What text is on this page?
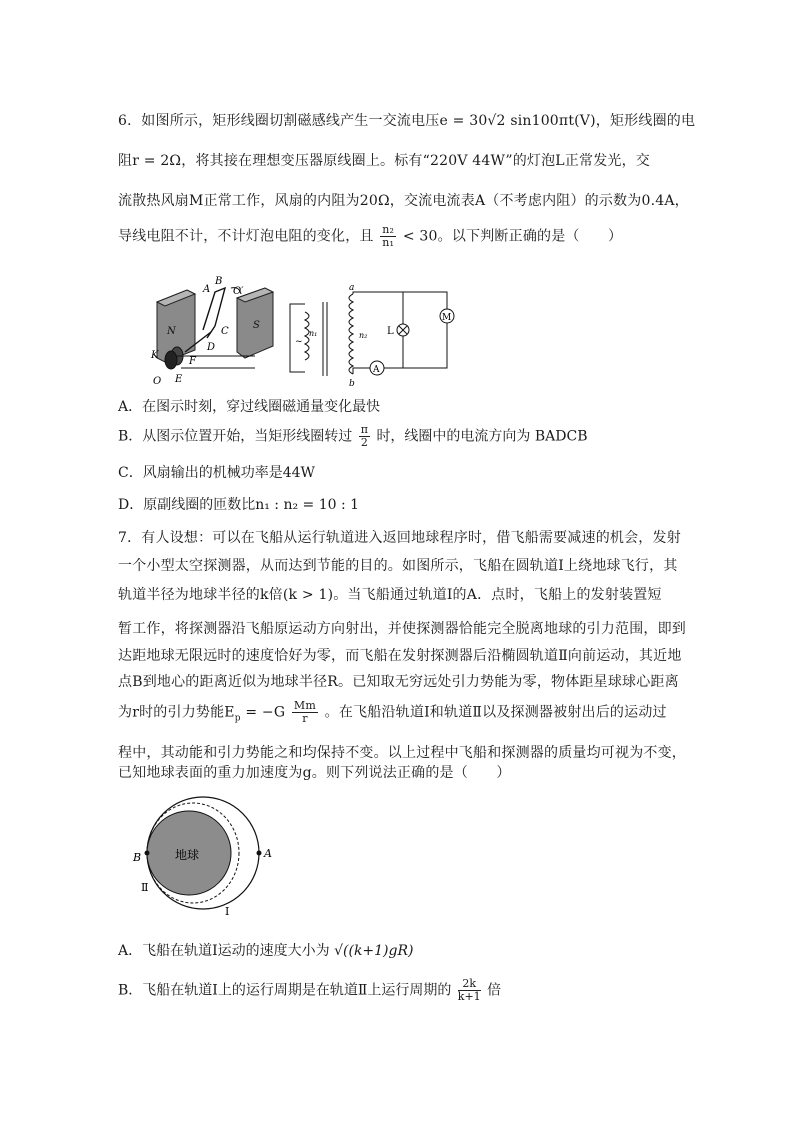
6．如图所示，矩形线圈切割磁感线产生一交流电压e = 30√2 sin100πt(V)，矩形线圈的电
阻r = 2Ω，将其接在理想变压器原线圈上。标有“220V 44W”的灯泡L正常发光，交
流散热风扇M正常工作，风扇的内阻为20Ω，交流电流表A（不考虑内阻）的示数为0.4A，
导线电阻不计，不计灯泡电阻的变化，且 $\frac{\text{n₂}}{\text{n₁}} < 30$。以下判断正确的是（　　）
N
S
B
A O′
C
D
F
E
K
O
~
n₁	n₂
a
b
L
M
A
A．在图示时刻，穿过线圈磁通量变化最快
B．从图示位置开始，当矩形线圈转过 $\frac{\pi}{2}$ 时，线圈中的电流方向为 BADCB
C．风扇输出的机械功率是44W
D．原副线圈的匝数比n₁ : n₂ = 10 : 1
7．有人设想：可以在飞船从运行轨道进入返回地球程序时，借飞船需要减速的机会，发射
一个小型太空探测器，从而达到节能的目的。如图所示，飞船在圆轨道Ⅰ上绕地球飞行，其
轨道半径为地球半径的k倍(k > 1)。当飞船通过轨道Ⅰ的A．点时，飞船上的发射装置短
暂工作，将探测器沿飞船原运动方向射出，并使探测器恰能完全脱离地球的引力范围，即到
达距地球无限远时的速度恰好为零，而飞船在发射探测器后沿椭圆轨道Ⅱ向前运动，其近地
点B到地心的距离近似为地球半径R。已知取无穷远处引力势能为零，物体距星球球心距离
为r时的引力势能$E_p = -G \frac{Mm}{r}$ 。在飞船沿轨道Ⅰ和轨道Ⅱ以及探测器被射出后的运动过
程中，其动能和引力势能之和均保持不变。以上过程中飞船和探测器的质量均可视为不变，
已知地球表面的重力加速度为g。则下列说法正确的是（　　）
地球	A
B
Ⅱ
Ⅰ
A．飞船在轨道Ⅰ运动的速度大小为 √((k+1)gR)
B．飞船在轨道Ⅰ上的运行周期是在轨道Ⅱ上运行周期的 $\frac{2k}{k+1}$ 倍
